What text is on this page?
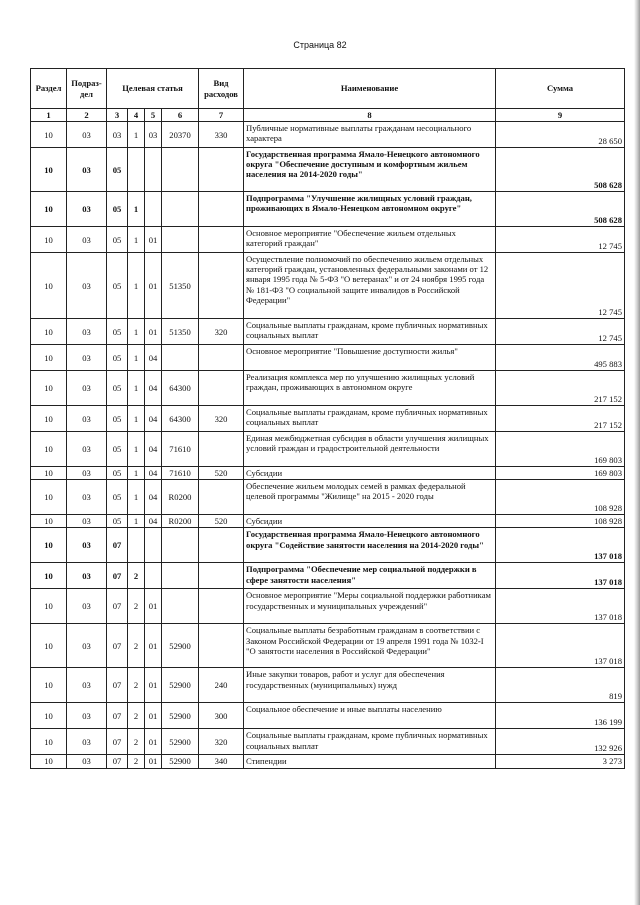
Страница 82
Раздел	Подраз-дел	Целевая статья				Вид расходов	Наименование	Сумма
1	2	3	4	5	6	7	8	9
10	03	03	1	03	20370	330	Публичные нормативные выплаты гражданам несоциального характера	28 650
10	03	05					Государственная программа Ямало-Ненецкого автономного округа "Обеспечение доступным и комфортным жильем населения на 2014-2020 годы"	508 628
10	03	05	1				Подпрограмма "Улучшение жилищных условий граждан, проживающих в Ямало-Ненецком автономном округе"	508 628
10	03	05	1	01			Основное мероприятие "Обеспечение жильем отдельных категорий граждан"	12 745
10	03	05	1	01	51350		Осуществление полномочий по обеспечению жильем отдельных категорий граждан, установленных федеральными законами от 12 января 1995 года № 5-ФЗ "О ветеранах" и от 24 ноября 1995 года № 181-ФЗ "О социальной защите инвалидов в Российской Федерации"	12 745
10	03	05	1	01	51350	320	Социальные выплаты гражданам, кроме публичных нормативных социальных выплат	12 745
10	03	05	1	04			Основное мероприятие "Повышение доступности жилья"	495 883
10	03	05	1	04	64300		Реализация комплекса мер по улучшению жилищных условий граждан, проживающих в автономном округе	217 152
10	03	05	1	04	64300	320	Социальные выплаты гражданам, кроме публичных нормативных социальных выплат	217 152
10	03	05	1	04	71610		Единая межбюджетная субсидия в области улучшения жилищных условий граждан и градостроительной деятельности	169 803
10	03	05	1	04	71610	520	Субсидии	169 803
10	03	05	1	04	R0200		Обеспечение жильем молодых семей в рамках федеральной целевой программы "Жилище" на 2015 - 2020 годы	108 928
10	03	05	1	04	R0200	520	Субсидии	108 928
10	03	07					Государственная программа Ямало-Ненецкого автономного округа "Содействие занятости населения на 2014-2020 годы"	137 018
10	03	07	2				Подпрограмма "Обеспечение мер социальной поддержки в сфере занятости населения"	137 018
10	03	07	2	01			Основное мероприятие "Меры социальной поддержки работникам государственных и муниципальных учреждений"	137 018
10	03	07	2	01	52900		Социальные выплаты безработным гражданам в соответствии с Законом Российской Федерации от 19 апреля 1991 года № 1032-I "О занятости населения в Российской Федерации"	137 018
10	03	07	2	01	52900	240	Иные закупки товаров, работ и услуг для обеспечения государственных (муниципальных) нужд	819
10	03	07	2	01	52900	300	Социальное обеспечение и иные выплаты населению	136 199
10	03	07	2	01	52900	320	Социальные выплаты гражданам, кроме публичных нормативных социальных выплат	132 926
10	03	07	2	01	52900	340	Стипендии	3 273
